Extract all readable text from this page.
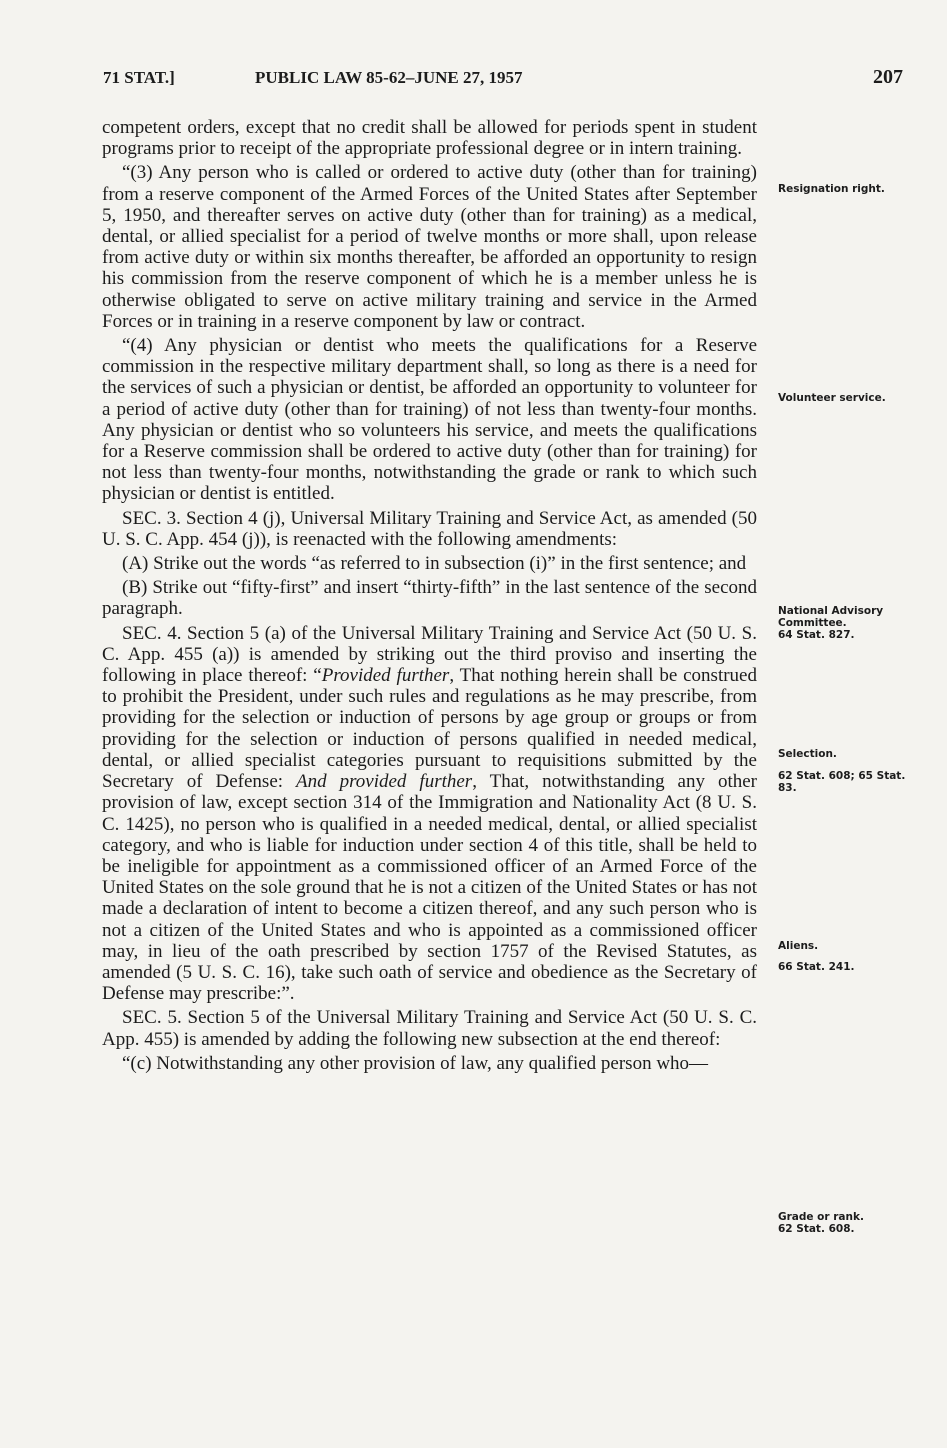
71 STAT.]	PUBLIC LAW 85-62–JUNE 27, 1957	207

competent orders, except that no credit shall be allowed for periods spent in student programs prior to receipt of the appropriate professional degree or in intern training.

“(3) Any person who is called or ordered to active duty (other than for training) from a reserve component of the Armed Forces of the United States after September 5, 1950, and thereafter serves on active duty (other than for training) as a medical, dental, or allied specialist for a period of twelve months or more shall, upon release from active duty or within six months thereafter, be afforded an opportunity to resign his commission from the reserve component of which he is a member unless he is otherwise obligated to serve on active military training and service in the Armed Forces or in training in a reserve component by law or contract.

“(4) Any physician or dentist who meets the qualifications for a Reserve commission in the respective military department shall, so long as there is a need for the services of such a physician or dentist, be afforded an opportunity to volunteer for a period of active duty (other than for training) of not less than twenty-four months. Any physician or dentist who so volunteers his service, and meets the qualifications for a Reserve commission shall be ordered to active duty (other than for training) for not less than twenty-four months, notwithstanding the grade or rank to which such physician or dentist is entitled.

SEC. 3. Section 4 (j), Universal Military Training and Service Act, as amended (50 U. S. C. App. 454 (j)), is reenacted with the following amendments:

(A) Strike out the words “as referred to in subsection (i)” in the first sentence; and

(B) Strike out “fifty-first” and insert “thirty-fifth” in the last sentence of the second paragraph.

SEC. 4. Section 5 (a) of the Universal Military Training and Service Act (50 U. S. C. App. 455 (a)) is amended by striking out the third proviso and inserting the following in place thereof: “Provided further, That nothing herein shall be construed to prohibit the President, under such rules and regulations as he may prescribe, from providing for the selection or induction of persons by age group or groups or from providing for the selection or induction of persons qualified in needed medical, dental, or allied specialist categories pursuant to requisitions submitted by the Secretary of Defense: And provided further, That, notwithstanding any other provision of law, except section 314 of the Immigration and Nationality Act (8 U. S. C. 1425), no person who is qualified in a needed medical, dental, or allied specialist category, and who is liable for induction under section 4 of this title, shall be held to be ineligible for appointment as a commissioned officer of an Armed Force of the United States on the sole ground that he is not a citizen of the United States or has not made a declaration of intent to become a citizen thereof, and any such person who is not a citizen of the United States and who is appointed as a commissioned officer may, in lieu of the oath prescribed by section 1757 of the Revised Statutes, as amended (5 U. S. C. 16), take such oath of service and obedience as the Secretary of Defense may prescribe:”.

SEC. 5. Section 5 of the Universal Military Training and Service Act (50 U. S. C. App. 455) is amended by adding the following new subsection at the end thereof:

“(c) Notwithstanding any other provision of law, any qualified person who—

Resignation right.
Volunteer service.
National Advisory Committee.
64 Stat. 827.
Selection.
62 Stat. 608; 65 Stat. 83.
Aliens.
66 Stat. 241.
Grade or rank.
62 Stat. 608.
